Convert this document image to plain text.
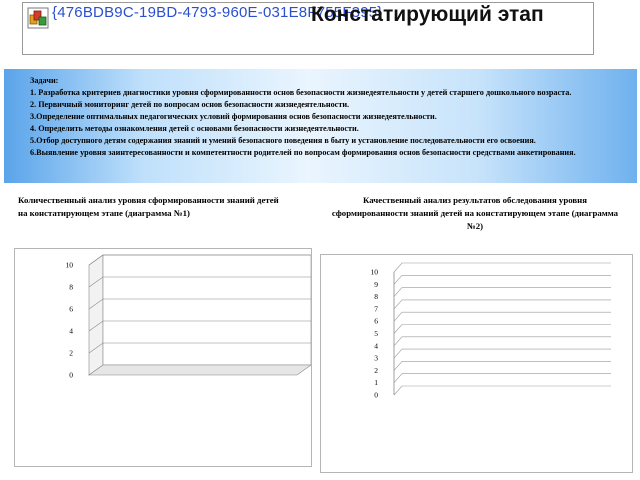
{476BDB9C-19BD-4793-960E-031E8F755F395}
Констатирующий этап

Задачи:

1. Разработка критериев диагностики уровня сформированности основ безопасности жизнедеятельности у детей старшего дошкольного возраста.

2. Первичный мониторинг детей по вопросам основ безопасности жизнедеятельности.

3.Определение оптимальных педагогических условий формирования основ безопасности жизнедеятельности.

4. Определить методы ознакомления детей с основами безопасности жизнедеятельности.

5.Отбор доступного детям содержания знаний и умений безопасного поведения в быту и установление последовательности его освоения.

6.Выявление уровня заинтересованности и компетентности родителей по вопросам формирования основ безопасности средствами анкетирования.

Количественный анализ уровня сформированности знаний детей на констатирующем этапе (диаграмма №1)
Качественный анализ результатов обследования уровня сформированности знаний детей на констатирующем этапе (диаграмма №2)
0
2
4
6
8
10
0
1
2
3
4
5
6
7
8
9
10
